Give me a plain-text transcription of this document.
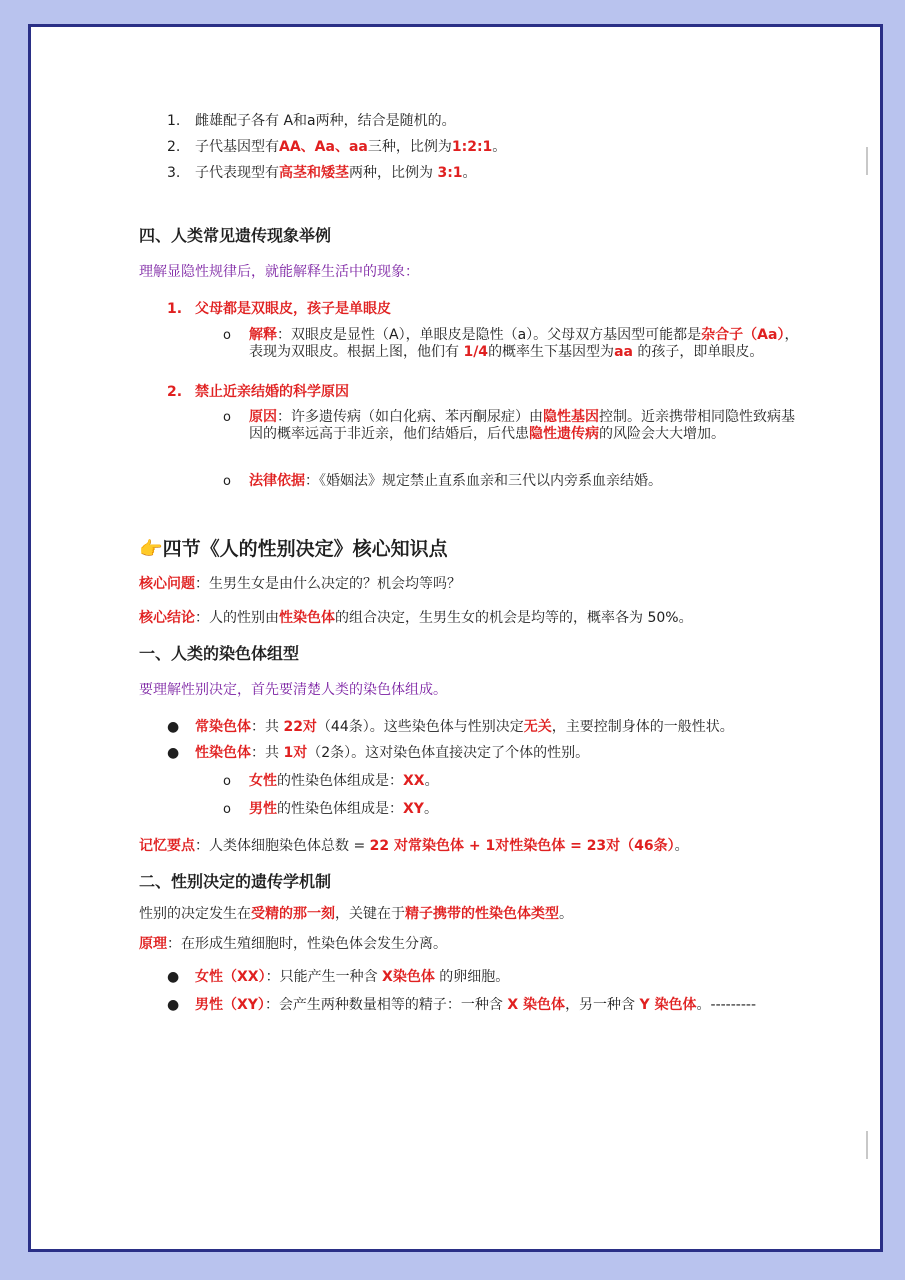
1. 雌雄配子各有 A和a两种，结合是随机的。
2. 子代基因型有AA、Aa、aa三种，比例为1:2:1。
3. 子代表现型有高茎和矮茎两种，比例为 3:1。
四、人类常见遗传现象举例
理解显隐性规律后，就能解释生活中的现象：
1. 父母都是双眼皮，孩子是单眼皮
o 解释：双眼皮是显性（A），单眼皮是隐性（a）。父母双方基因型可能都是杂合子（Aa），表现为双眼皮。根据上图，他们有 1/4的概率生下基因型为aa 的孩子，即单眼皮。
2. 禁止近亲结婚的科学原因
o 原因：许多遗传病（如白化病、苯丙酮尿症）由隐性基因控制。近亲携带相同隐性致病基因的概率远高于非近亲，他们结婚后，后代患隐性遗传病的风险会大大增加。
o 法律依据：《婚姻法》规定禁止直系血亲和三代以内旁系血亲结婚。
👉四节《人的性别决定》核心知识点
核心问题：生男生女是由什么决定的？机会均等吗？
核心结论：人的性别由性染色体的组合决定，生男生女的机会是均等的，概率各为 50%。
一、人类的染色体组型
要理解性别决定，首先要清楚人类的染色体组成。
● 常染色体：共 22对（44条）。这些染色体与性别决定无关，主要控制身体的一般性状。
● 性染色体：共 1对（2条）。这对染色体直接决定了个体的性别。
o 女性的性染色体组成是：XX。
o 男性的性染色体组成是：XY。
记忆要点：人类体细胞染色体总数 = 22 对常染色体 + 1对性染色体 = 23对（46条）。
二、性别决定的遗传学机制
性别的决定发生在受精的那一刻，关键在于精子携带的性染色体类型。
原理：在形成生殖细胞时，性染色体会发生分离。
● 女性（XX）：只能产生一种含 X染色体 的卵细胞。
● 男性（XY）：会产生两种数量相等的精子：一种含 X 染色体，另一种含 Y 染色体。---------
